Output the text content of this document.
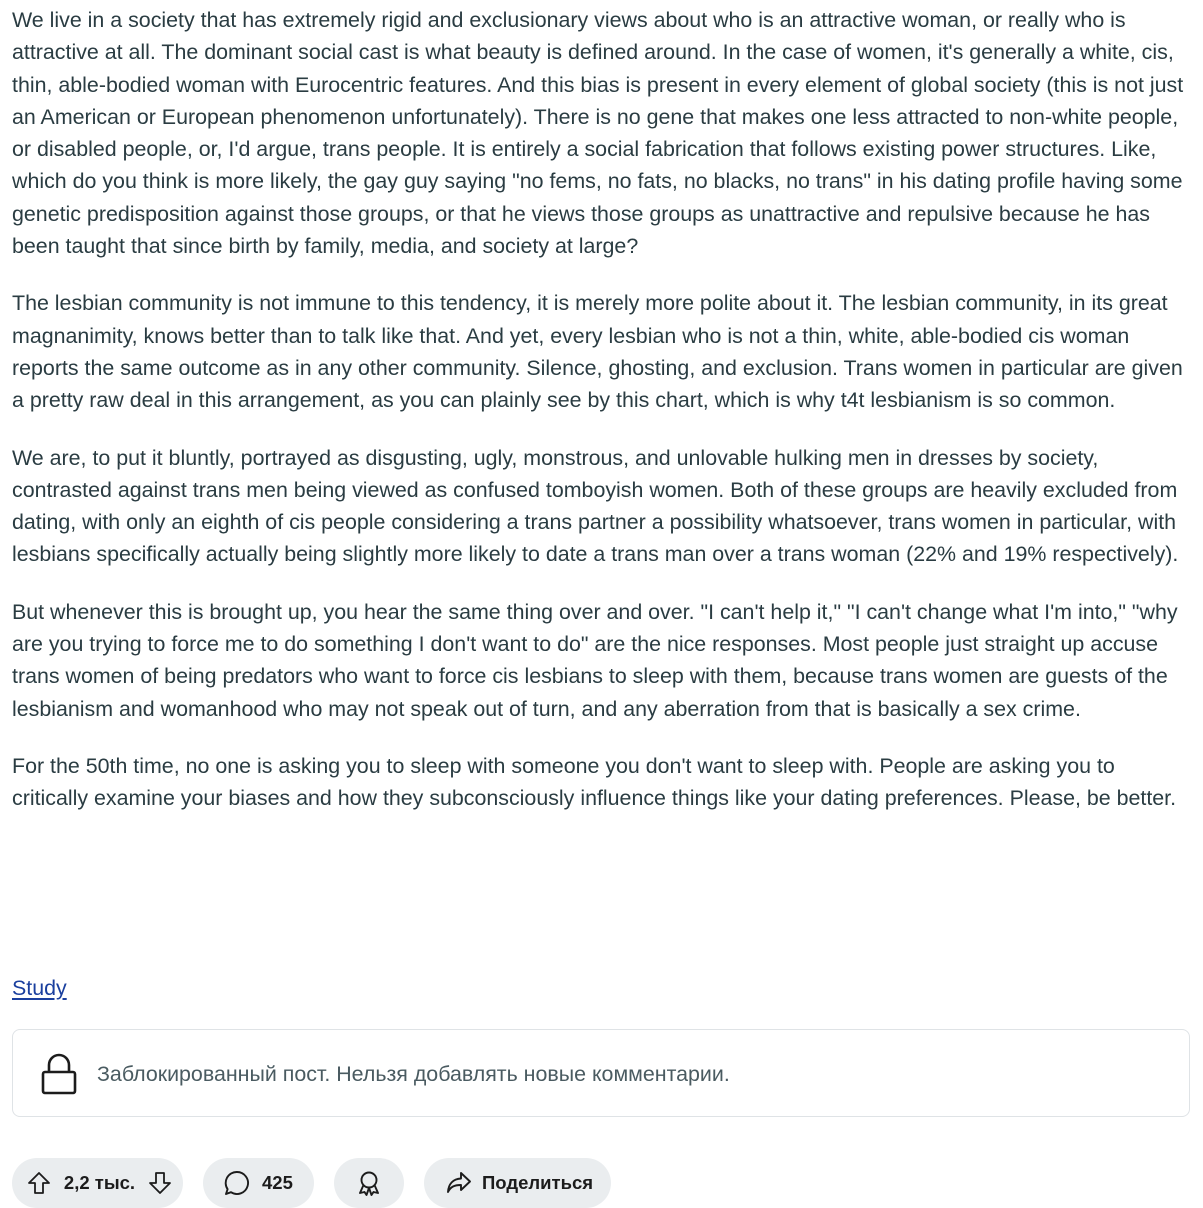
We live in a society that has extremely rigid and exclusionary views about who is an attractive woman, or really who is attractive at all. The dominant social cast is what beauty is defined around. In the case of women, it's generally a white, cis, thin, able-bodied woman with Eurocentric features. And this bias is present in every element of global society (this is not just an American or European phenomenon unfortunately). There is no gene that makes one less attracted to non-white people, or disabled people, or, I'd argue, trans people. It is entirely a social fabrication that follows existing power structures. Like, which do you think is more likely, the gay guy saying "no fems, no fats, no blacks, no trans" in his dating profile having some genetic predisposition against those groups, or that he views those groups as unattractive and repulsive because he has been taught that since birth by family, media, and society at large?

The lesbian community is not immune to this tendency, it is merely more polite about it. The lesbian community, in its great magnanimity, knows better than to talk like that. And yet, every lesbian who is not a thin, white, able-bodied cis woman reports the same outcome as in any other community. Silence, ghosting, and exclusion. Trans women in particular are given a pretty raw deal in this arrangement, as you can plainly see by this chart, which is why t4t lesbianism is so common.

We are, to put it bluntly, portrayed as disgusting, ugly, monstrous, and unlovable hulking men in dresses by society, contrasted against trans men being viewed as confused tomboyish women. Both of these groups are heavily excluded from dating, with only an eighth of cis people considering a trans partner a possibility whatsoever, trans women in particular, with lesbians specifically actually being slightly more likely to date a trans man over a trans woman (22% and 19% respectively).

But whenever this is brought up, you hear the same thing over and over. "I can't help it," "I can't change what I'm into," "why are you trying to force me to do something I don't want to do" are the nice responses. Most people just straight up accuse trans women of being predators who want to force cis lesbians to sleep with them, because trans women are guests of the lesbianism and womanhood who may not speak out of turn, and any aberration from that is basically a sex crime.

For the 50th time, no one is asking you to sleep with someone you don't want to sleep with. People are asking you to critically examine your biases and how they subconsciously influence things like your dating preferences. Please, be better.

Study
Заблокированный пост. Нельзя добавлять новые комментарии.
2,2 тыс.	425	Поделиться
